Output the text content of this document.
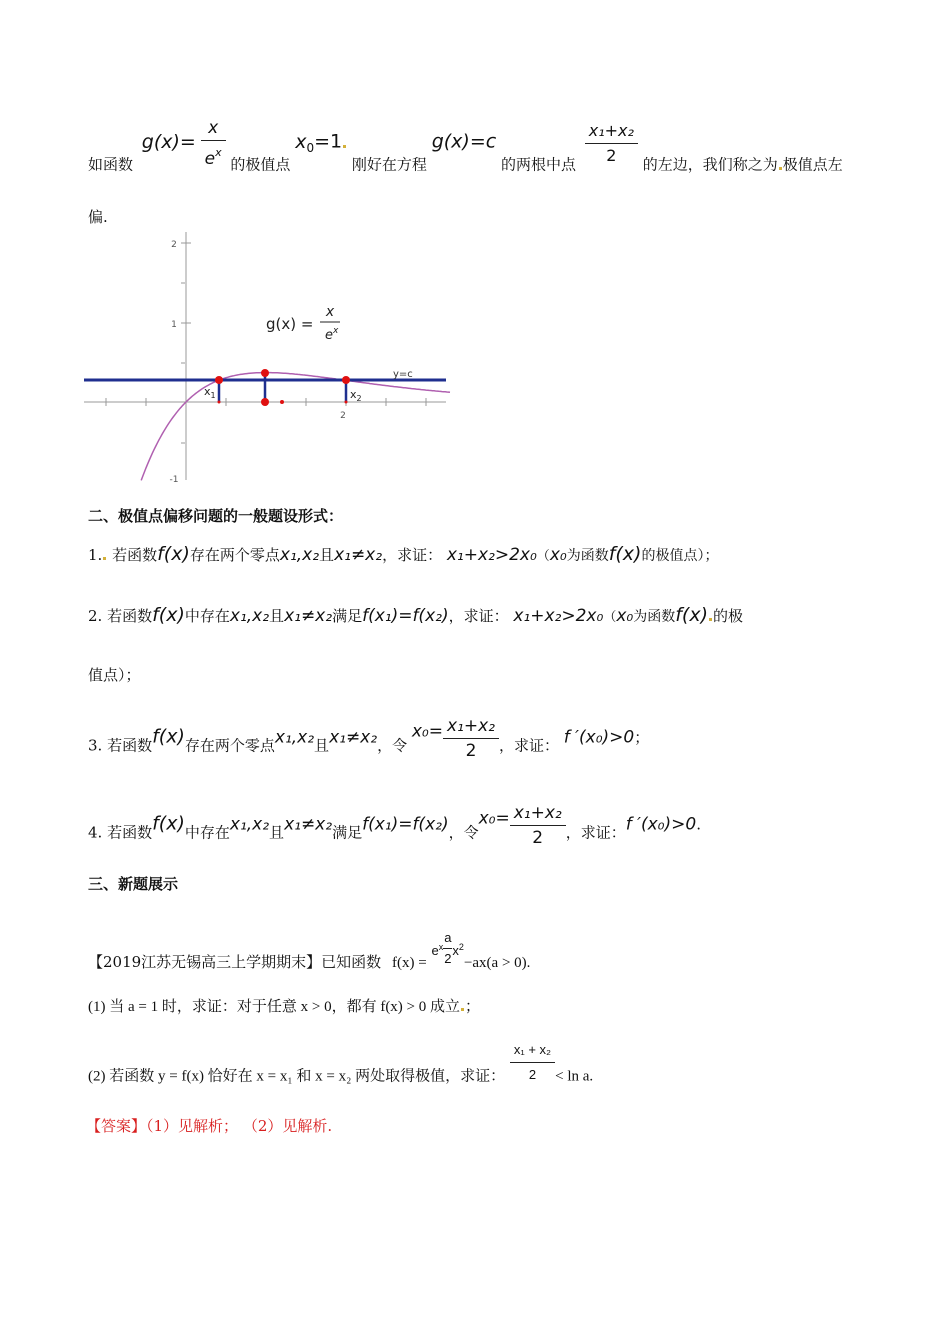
如函数 $g(x)= \frac{x}{e^x}$ 的极值点 $x_0=1$ 刚好在方程 g(x)=c 的两根中点 $\frac{\text{x₁+x₂}}{2}$ 的左边，我们称之为 极值点左
偏.
2
1
-1
2
y=c
$x_1$	$x_2$
g(x) =
x
$e^x$
二、极值点偏移问题的一般题设形式：
1. 若函数f(x)存在两个零点x₁,x₂且x₁≠x₂，求证： x₁+x₂>2x₀（x₀为函数f(x)的极值点）；
2. 若函数f(x)中存在x₁,x₂且x₁≠x₂满足f(x₁)=f(x₂)，求证： x₁+x₂>2x₀（x₀为函数f(x) 的极
值点）；
3. 若函数f(x)存在两个零点x₁,x₂且x₁≠x₂，令 $x_0= \frac{\text{x₁+x₂}}{2}$ ，求证： f ′(x₀)>0；
4. 若函数f(x)中存在x₁,x₂且x₁≠x₂满足f(x₁)=f(x₂)，令$x_0= \frac{\text{x₁+x₂}}{2}$ ，求证：f ′(x₀)>0.
三、新题展示
【2019江苏无锡高三上学期期末】已知函数 $f(x) = e^x \frac{a}{2} x^2-ax(a > 0)$.
(1) 当 a = 1 时，求证：对于任意 x > 0，都有 f(x) > 0 成立 ；
(2) 若函数 y = f(x) 恰好在 x = x₁ 和 x = x₂ 两处取得极值，求证： $\frac{\text{x₁ + x₂}}{2} < \ln a$.
【答案】（1）见解析； （2）见解析.
